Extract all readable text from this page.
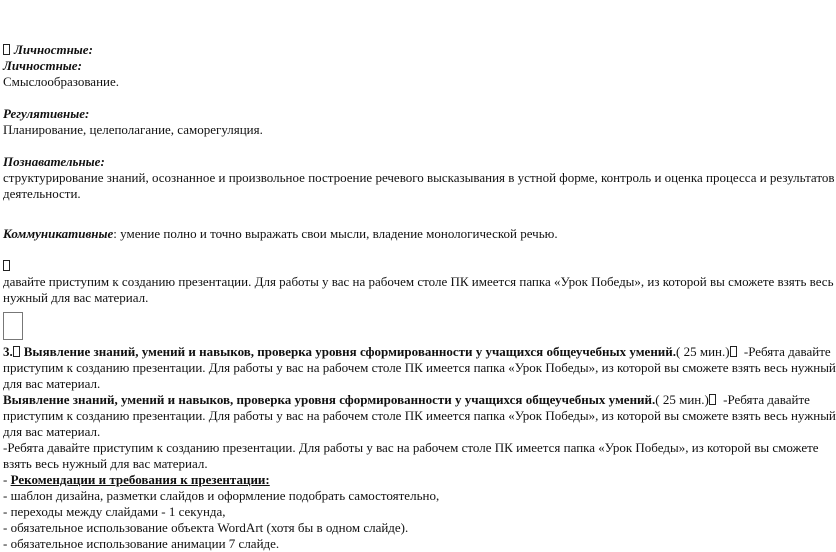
Личностные:
Личностные:
Смыслообразование.
Регулятивные:
Планирование, целеполагание, саморегуляция.
Познавательные:
структурирование знаний, осознанное и произвольное построение речевого высказывания в устной форме, контроль и оценка процесса и результатов
деятельности.
Коммуникативные: умение полно и точно выражать свои мысли, владение монологической речью.
давайте приступим к созданию презентации. Для работы у вас на рабочем столе ПК имеется папка «Урок Победы», из которой вы сможете взять весь
нужный для вас материал.
3. Выявление знаний, умений и навыков, проверка уровня сформированности у учащихся общеучебных умений.( 25 мин.) -Ребята давайте
приступим к созданию презентации. Для работы у вас на рабочем столе ПК имеется папка «Урок Победы», из которой вы сможете взять весь нужный
для вас материал.
Выявление знаний, умений и навыков, проверка уровня сформированности у учащихся общеучебных умений.( 25 мин.) -Ребята давайте
приступим к созданию презентации. Для работы у вас на рабочем столе ПК имеется папка «Урок Победы», из которой вы сможете взять весь нужный
для вас материал.
-Ребята давайте приступим к созданию презентации. Для работы у вас на рабочем столе ПК имеется папка «Урок Победы», из которой вы сможете
взять весь нужный для вас материал.
- Рекомендации и требования к презентации:
- шаблон дизайна, разметки слайдов и оформление подобрать самостоятельно,
- переходы между слайдами - 1 секунда,
- обязательное использование объекта WordArt (хотя бы в одном слайде).
- обязательное использование анимации 7 слайде.
